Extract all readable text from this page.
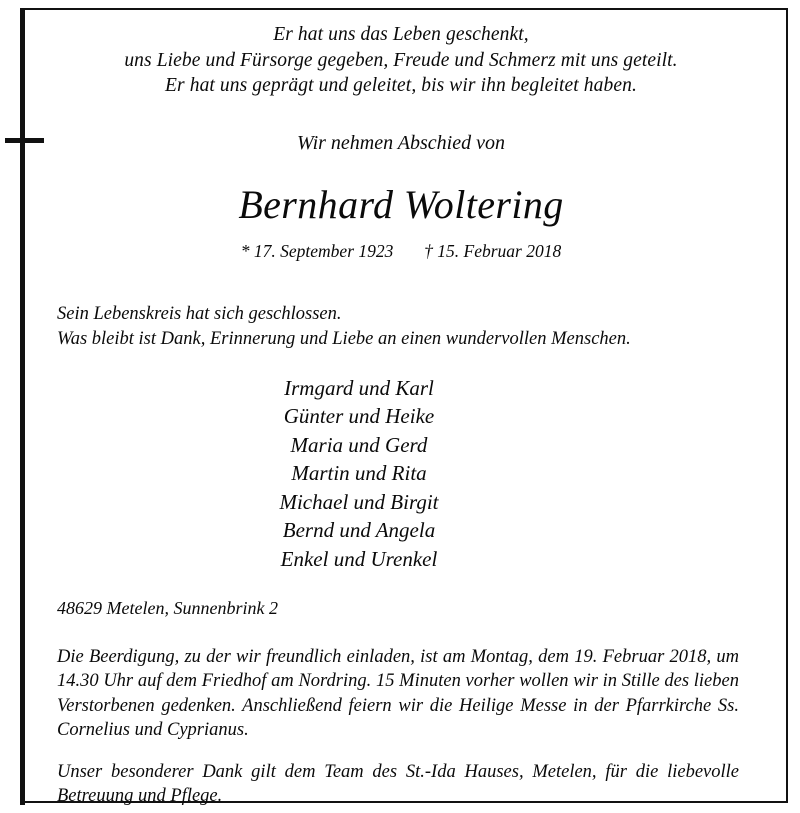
Er hat uns das Leben geschenkt,
uns Liebe und Fürsorge gegeben, Freude und Schmerz mit uns geteilt.
Er hat uns geprägt und geleitet, bis wir ihn begleitet haben.
Wir nehmen Abschied von
Bernhard Woltering
* 17. September 1923 † 15. Februar 2018
Sein Lebenskreis hat sich geschlossen.
Was bleibt ist Dank, Erinnerung und Liebe an einen wundervollen Menschen.
Irmgard und Karl
Günter und Heike
Maria und Gerd
Martin und Rita
Michael und Birgit
Bernd und Angela
Enkel und Urenkel
48629 Metelen, Sunnenbrink 2
Die Beerdigung, zu der wir freundlich einladen, ist am Montag, dem 19. Februar 2018, um 14.30 Uhr auf dem Friedhof am Nordring. 15 Minuten vorher wollen wir in Stille des lieben Verstorbenen gedenken. Anschließend feiern wir die Heilige Messe in der Pfarrkirche Ss. Cornelius und Cyprianus.
Unser besonderer Dank gilt dem Team des St.-Ida Hauses, Metelen, für die liebevolle Betreuung und Pflege.
